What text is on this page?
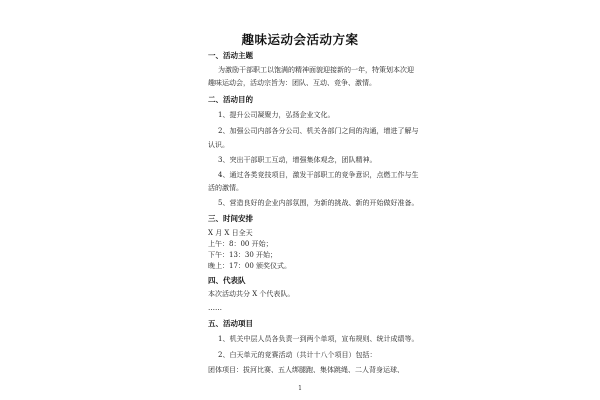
趣味运动会活动方案
一、活动主题
为激励干部职工以饱满的精神面貌迎接新的一年，特策划本次迎
趣味运动会，活动宗旨为：团队、互动、竞争、激情。
二、活动目的
1、提升公司凝聚力，弘扬企业文化。
2、加强公司内部各分公司、机关各部门之间的沟通，增进了解与
认识。
3、突出干部职工互动，增强集体观念，团队精神。
4、通过各类竞技项目，激发干部职工的竞争意识，点燃工作与生
活的激情。
5、营造良好的企业内部氛围，为新的挑战、新的开始做好准备。
三、时间安排
X 月 X 日全天
上午：8：00 开始；
下午：13：30 开始；
晚上：17：00 颁奖仪式。
四、代表队
本次活动共分 X 个代表队。
……
五、活动项目
1、机关中层人员各负责一到两个单项，宣布规则、统计成绩等。
2、白天单元的竞赛活动（共计十八个项目）包括：
团体项目：拔河比赛、五人绑腿跑、集体跳绳、二人背身运球、
1
